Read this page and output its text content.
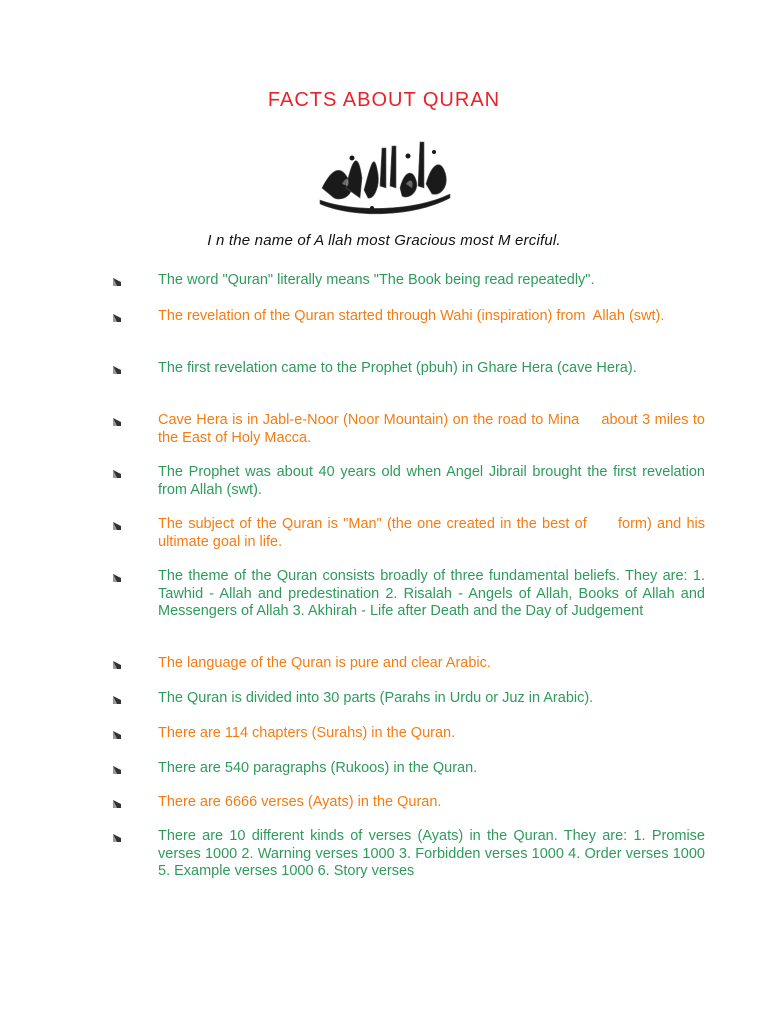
FACTS ABOUT QURAN
بسم الله الرحمن الرحيم
I n the name of A llah most Gracious most M erciful.
The word "Quran" literally means "The Book being read repeatedly".
The revelation of the Quran started through Wahi (inspiration) from  Allah (swt).
The first revelation came to the Prophet (pbuh) in Ghare Hera (cave Hera).
Cave Hera is in Jabl-e-Noor (Noor Mountain) on the road to Mina     about 3 miles to the East of Holy Macca.
The Prophet was about 40 years old when Angel Jibrail brought the first revelation from Allah (swt).
The subject of the Quran is "Man" (the one created in the best of      form) and his ultimate goal in life.
The theme of the Quran consists broadly of three fundamental beliefs. They are: 1. Tawhid - Allah and predestination 2. Risalah - Angels of Allah, Books of Allah and Messengers of Allah 3. Akhirah - Life after Death and the Day of Judgement
The language of the Quran is pure and clear Arabic.
The Quran is divided into 30 parts (Parahs in Urdu or Juz in Arabic).
There are 114 chapters (Surahs) in the Quran.
There are 540 paragraphs (Rukoos) in the Quran.
There are 6666 verses (Ayats) in the Quran.
There are 10 different kinds of verses (Ayats) in the Quran. They are: 1. Promise verses 1000 2. Warning verses 1000 3. Forbidden verses 1000 4. Order verses 1000 5. Example verses 1000 6. Story verses
